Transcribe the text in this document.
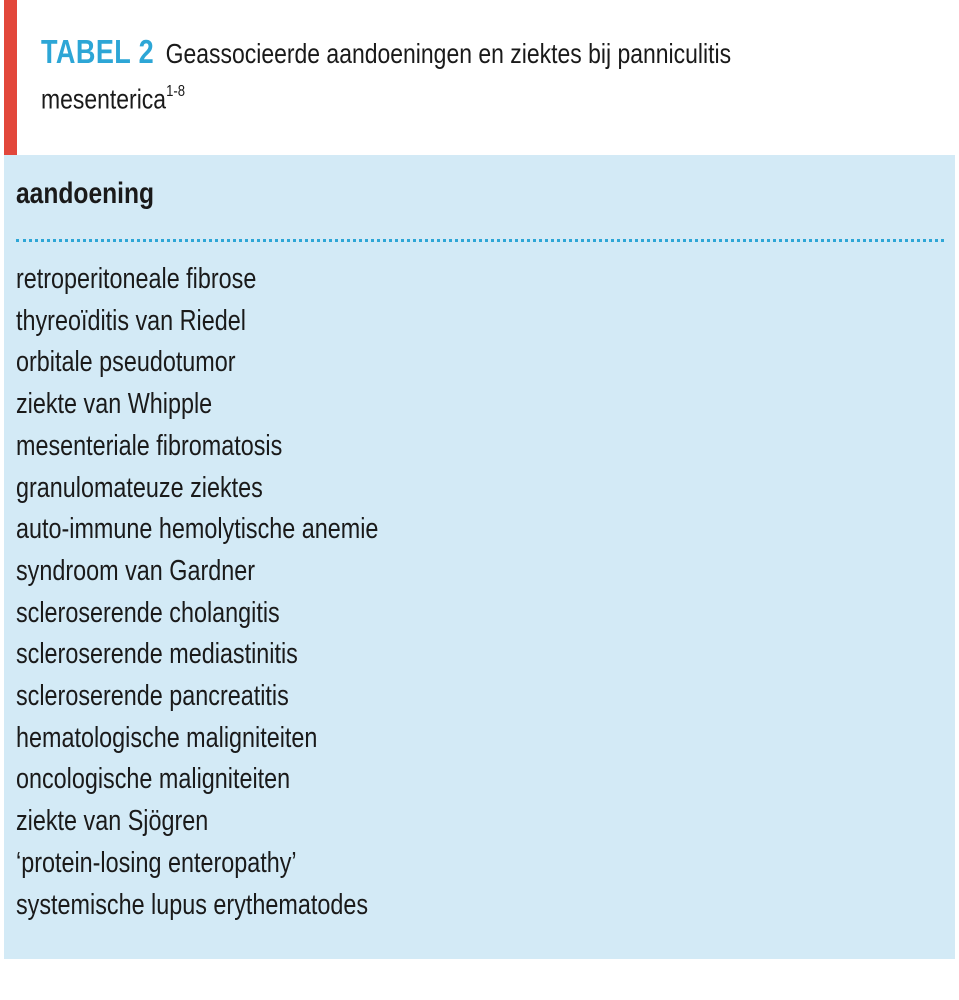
TABEL 2 Geassocieerde aandoeningen en ziektes bij panniculitis
mesenterica$^{1-8}$
aandoening
retroperitoneale fibrose
thyreoïditis van Riedel
orbitale pseudotumor
ziekte van Whipple
mesenteriale fibromatosis
granulomateuze ziektes
auto-immune hemolytische anemie
syndroom van Gardner
scleroserende cholangitis
scleroserende mediastinitis
scleroserende pancreatitis
hematologische maligniteiten
oncologische maligniteiten
ziekte van Sjögren
‘protein-losing enteropathy’
systemische lupus erythematodes
